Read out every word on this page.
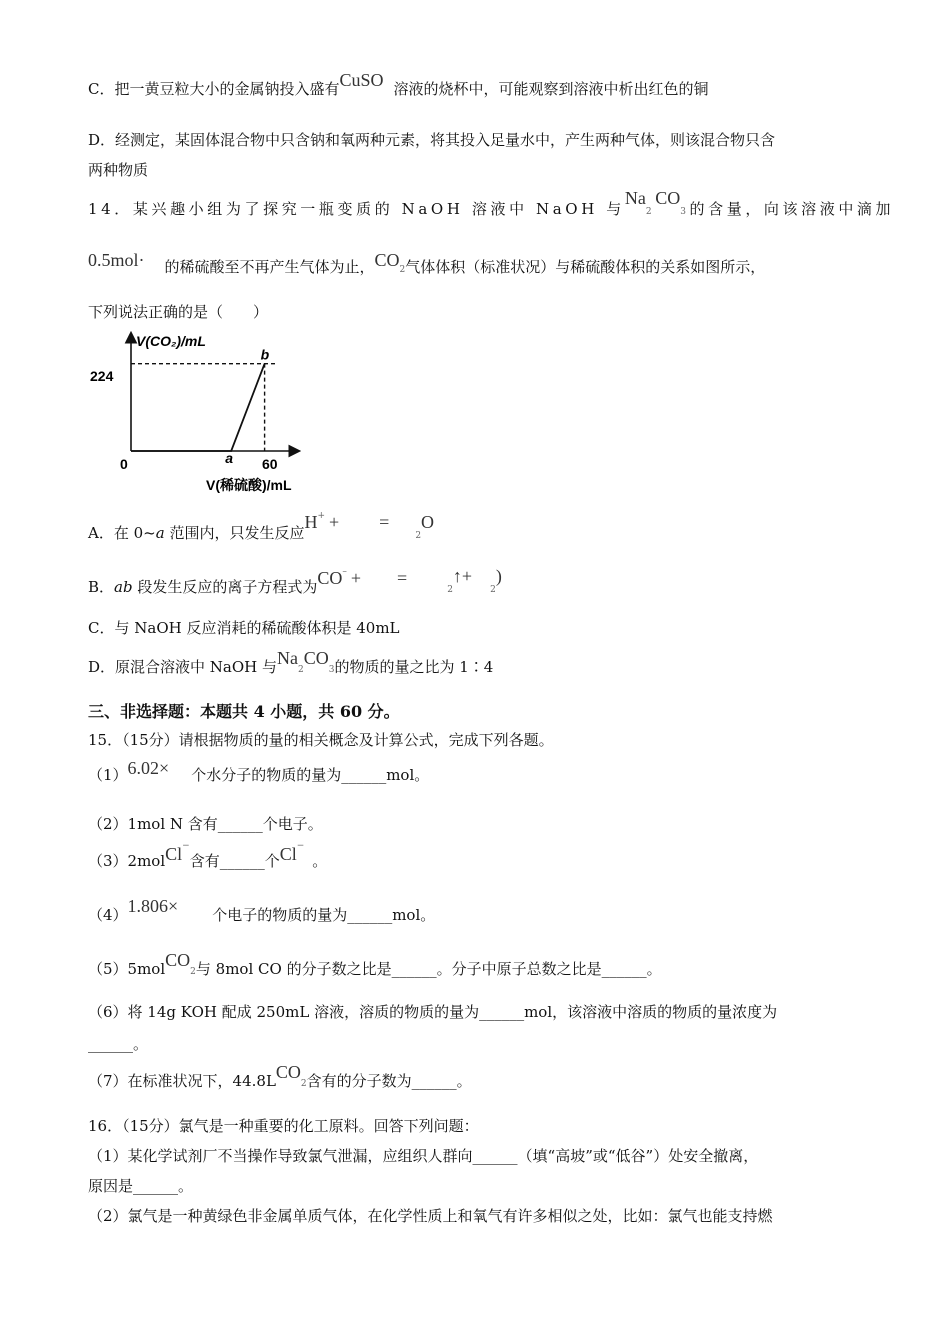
C．把一黄豆粒大小的金属钠投入盛有CuSO 溶液的烧杯中，可能观察到溶液中析出红色的铜
D．经测定，某固体混合物中只含钠和氧两种元素，将其投入足量水中，产生两种气体，则该混合物只含
两种物质
14．某兴趣小组为了探究一瓶变质的 NaOH 溶液中 NaOH 与Na2CO3的含量，向该溶液中滴加
0.5mol· 的稀硫酸至不再产生气体为止，CO2气体体积（标准状况）与稀硫酸体积的关系如图所示，
下列说法正确的是（　　）
V(CO₂)/mL
V(稀硫酸)/mL
0
224
60
a
b
A．在 0~a 范围内，只发生反应H+ + =2O
B．ab 段发生反应的离子方程式为CO– + =2↑+2)
C．与 NaOH 反应消耗的稀硫酸体积是 40mL
D．原混合溶液中 NaOH 与Na2CO3的物质的量之比为 1∶4
三、非选择题：本题共 4 小题，共 60 分。
15．（15分）请根据物质的量的相关概念及计算公式，完成下列各题。
（1）6.02× 个水分子的物质的量为______mol。
（2）1mol N 含有______个电子。
（3）2molCl−含有______个Cl−。
（4）1.806× 个电子的物质的量为______mol。
（5）5molCO2与 8mol CO 的分子数之比是______。分子中原子总数之比是______。
（6）将 14g KOH 配成 250mL 溶液，溶质的物质的量为______mol，该溶液中溶质的物质的量浓度为
______。
（7）在标准状况下，44.8LCO2含有的分子数为______。
16．（15分）氯气是一种重要的化工原料。回答下列问题：
（1）某化学试剂厂不当操作导致氯气泄漏，应组织人群向______（填“高坡”或“低谷”）处安全撤离，
原因是______。
（2）氯气是一种黄绿色非金属单质气体，在化学性质上和氧气有许多相似之处，比如：氯气也能支持燃
